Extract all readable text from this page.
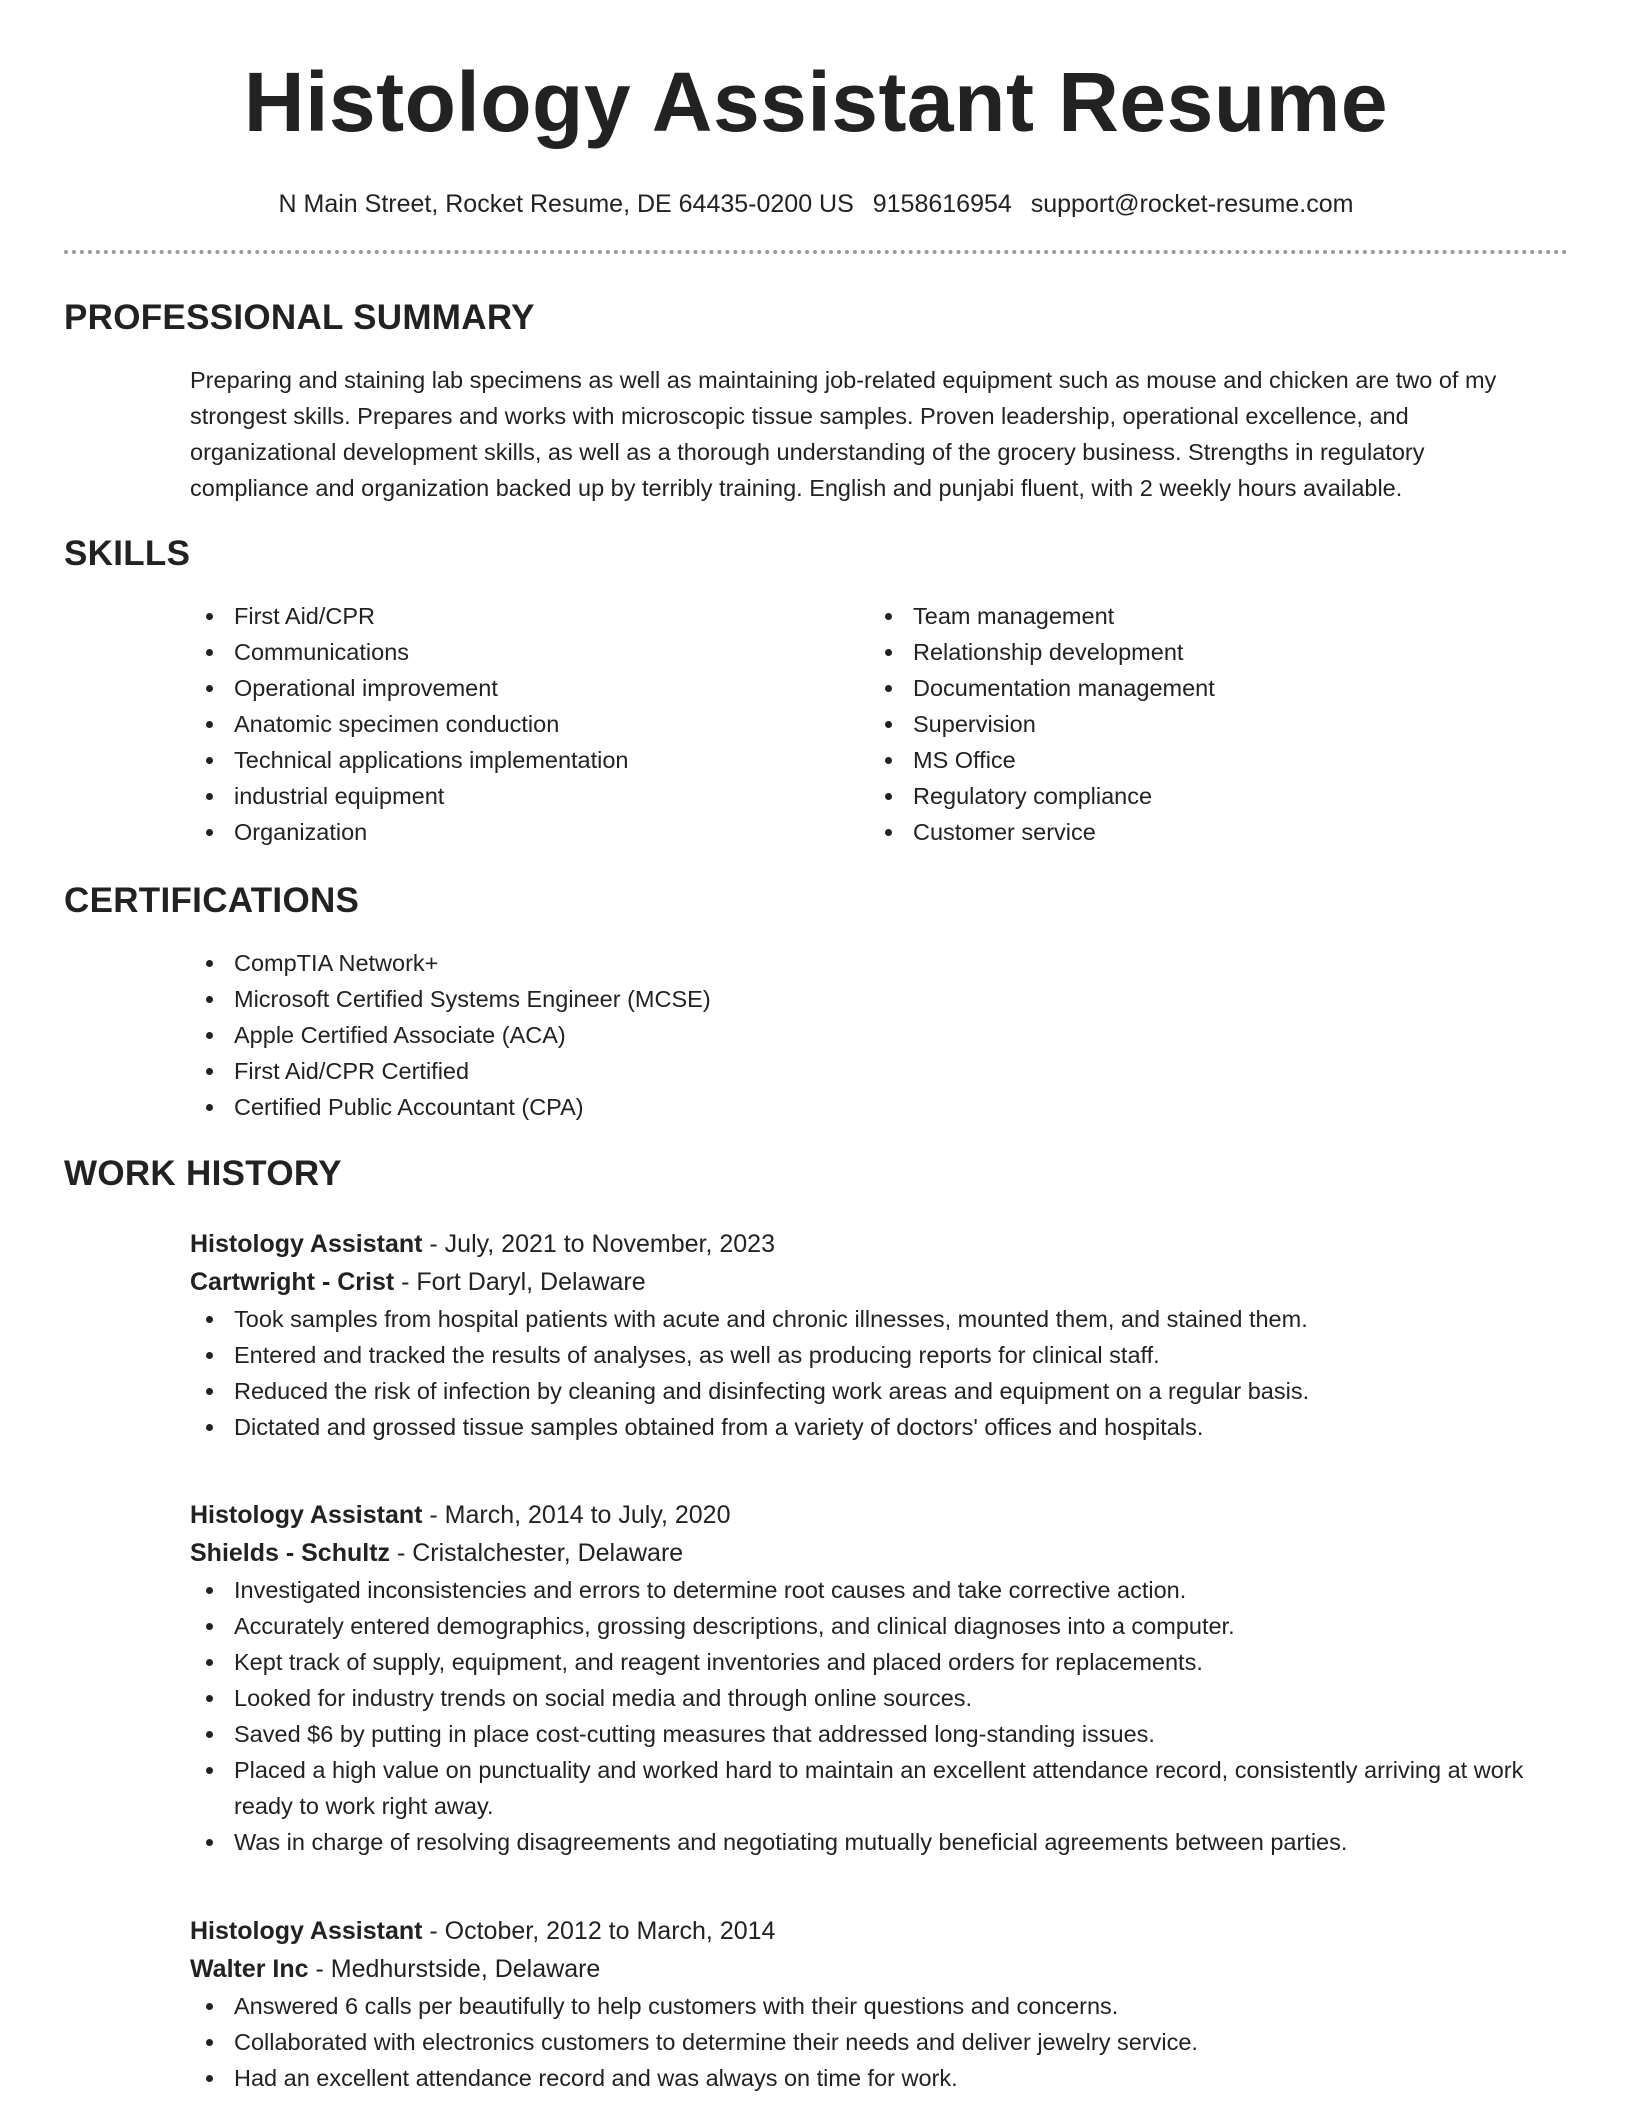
Histology Assistant Resume
N Main Street, Rocket Resume, DE 64435-0200 US 9158616954 support@rocket-resume.com
PROFESSIONAL SUMMARY
Preparing and staining lab specimens as well as maintaining job-related equipment such as mouse and chicken are two of my strongest skills. Prepares and works with microscopic tissue samples. Proven leadership, operational excellence, and organizational development skills, as well as a thorough understanding of the grocery business. Strengths in regulatory compliance and organization backed up by terribly training. English and punjabi fluent, with 2 weekly hours available.
SKILLS
First Aid/CPR
Communications
Operational improvement
Anatomic specimen conduction
Technical applications implementation
industrial equipment
Organization
Team management
Relationship development
Documentation management
Supervision
MS Office
Regulatory compliance
Customer service
CERTIFICATIONS
CompTIA Network+
Microsoft Certified Systems Engineer (MCSE)
Apple Certified Associate (ACA)
First Aid/CPR Certified
Certified Public Accountant (CPA)
WORK HISTORY
Histology Assistant - July, 2021 to November, 2023
Cartwright - Crist - Fort Daryl, Delaware
Took samples from hospital patients with acute and chronic illnesses, mounted them, and stained them.
Entered and tracked the results of analyses, as well as producing reports for clinical staff.
Reduced the risk of infection by cleaning and disinfecting work areas and equipment on a regular basis.
Dictated and grossed tissue samples obtained from a variety of doctors' offices and hospitals.
Histology Assistant - March, 2014 to July, 2020
Shields - Schultz - Cristalchester, Delaware
Investigated inconsistencies and errors to determine root causes and take corrective action.
Accurately entered demographics, grossing descriptions, and clinical diagnoses into a computer.
Kept track of supply, equipment, and reagent inventories and placed orders for replacements.
Looked for industry trends on social media and through online sources.
Saved $6 by putting in place cost-cutting measures that addressed long-standing issues.
Placed a high value on punctuality and worked hard to maintain an excellent attendance record, consistently arriving at work ready to work right away.
Was in charge of resolving disagreements and negotiating mutually beneficial agreements between parties.
Histology Assistant - October, 2012 to March, 2014
Walter Inc - Medhurstside, Delaware
Answered 6 calls per beautifully to help customers with their questions and concerns.
Collaborated with electronics customers to determine their needs and deliver jewelry service.
Had an excellent attendance record and was always on time for work.
